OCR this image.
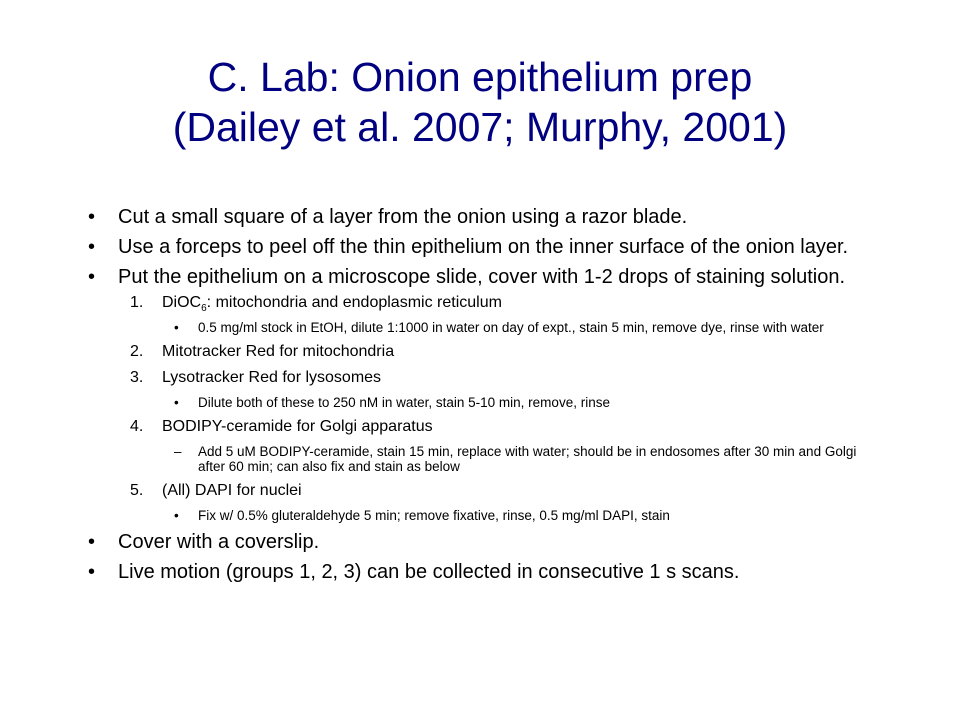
C. Lab: Onion epithelium prep
(Dailey et al. 2007; Murphy, 2001)
• Cut a small square of a layer from the onion using a razor blade.
• Use a forceps to peel off the thin epithelium on the inner surface of the onion layer.
• Put the epithelium on a microscope slide, cover with 1-2 drops of staining solution.
1. DiOC$_6$: mitochondria and endoplasmic reticulum
• 0.5 mg/ml stock in EtOH, dilute 1:1000 in water on day of expt., stain 5 min, remove dye, rinse with water
2. Mitotracker Red for mitochondria
3. Lysotracker Red for lysosomes
• Dilute both of these to 250 nM in water, stain 5-10 min, remove, rinse
4. BODIPY-ceramide for Golgi apparatus
– Add 5 uM BODIPY-ceramide, stain 15 min, replace with water; should be in endosomes after 30 min and Golgi after 60 min; can also fix and stain as below
5. (All) DAPI for nuclei
• Fix w/ 0.5% gluteraldehyde 5 min; remove fixative, rinse, 0.5 mg/ml DAPI, stain
• Cover with a coverslip.
• Live motion (groups 1, 2, 3) can be collected in consecutive 1 s scans.
